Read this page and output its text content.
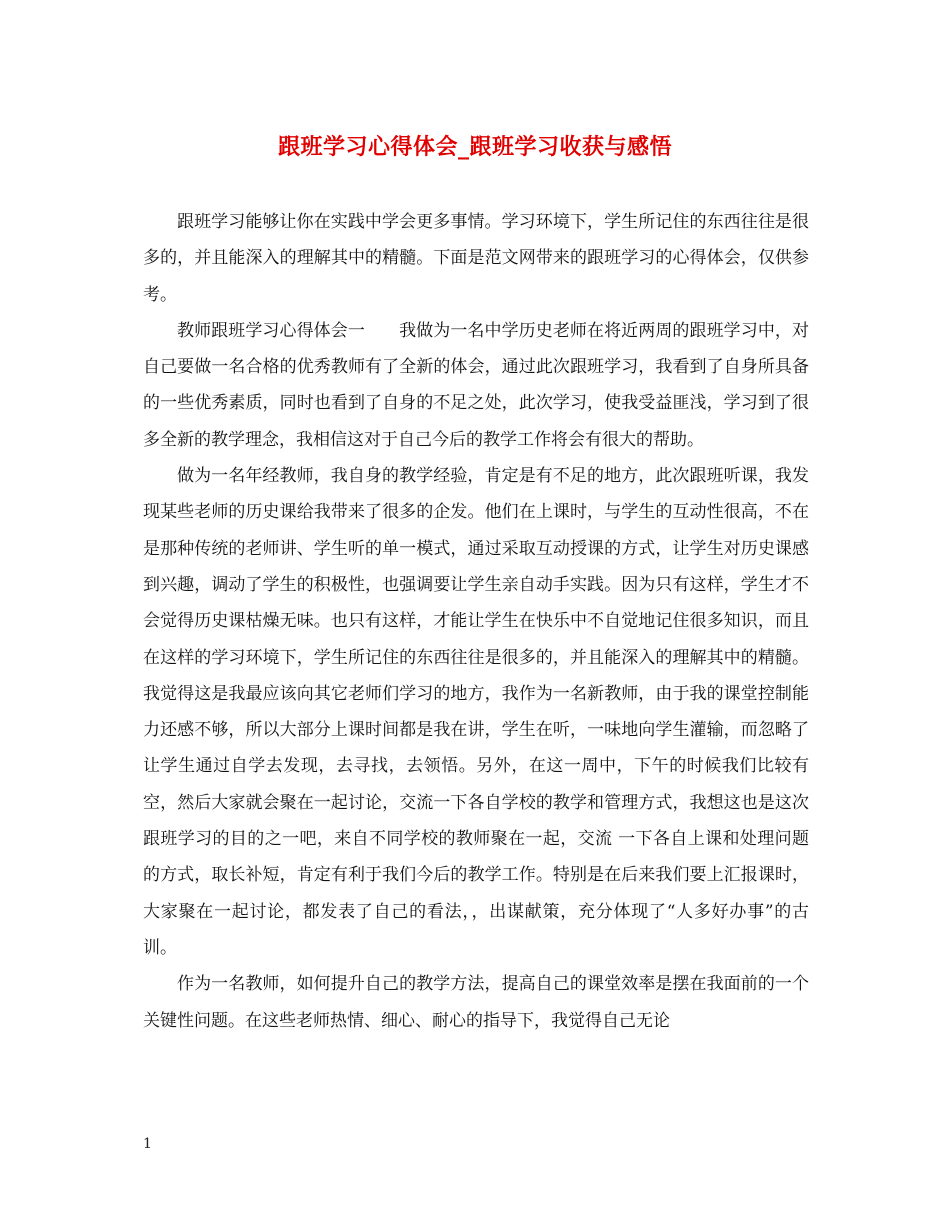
跟班学习心得体会_跟班学习收获与感悟

跟班学习能够让你在实践中学会更多事情。学习环境下，学生所记住的东西往往是很多的，并且能深入的理解其中的精髓。下面是范文网带来的跟班学习的心得体会，仅供参考。

教师跟班学习心得体会一　　我做为一名中学历史老师在将近两周的跟班学习中，对自己要做一名合格的优秀教师有了全新的体会，通过此次跟班学习，我看到了自身所具备的一些优秀素质，同时也看到了自身的不足之处，此次学习，使我受益匪浅，学习到了很多全新的教学理念，我相信这对于自己今后的教学工作将会有很大的帮助。

做为一名年经教师，我自身的教学经验，肯定是有不足的地方，此次跟班听课，我发现某些老师的历史课给我带来了很多的企发。他们在上课时，与学生的互动性很高，不在是那种传统的老师讲、学生听的单一模式，通过采取互动授课的方式，让学生对历史课感到兴趣，调动了学生的积极性，也强调要让学生亲自动手实践。因为只有这样，学生才不会觉得历史课枯燥无味。也只有这样，才能让学生在快乐中不自觉地记住很多知识，而且在这样的学习环境下，学生所记住的东西往往是很多的，并且能深入的理解其中的精髓。我觉得这是我最应该向其它老师们学习的地方，我作为一名新教师，由于我的课堂控制能力还感不够，所以大部分上课时间都是我在讲，学生在听，一味地向学生灌输，而忽略了让学生通过自学去发现，去寻找，去领悟。另外，在这一周中，下午的时候我们比较有空，然后大家就会聚在一起讨论，交流一下各自学校的教学和管理方式，我想这也是这次跟班学习的目的之一吧，来自不同学校的教师聚在一起，交流 一下各自上课和处理问题的方式，取长补短，肯定有利于我们今后的教学工作。特别是在后来我们要上汇报课时，大家聚在一起讨论，都发表了自己的看法，，出谋献策，充分体现了“人多好办事”的古训。

作为一名教师，如何提升自己的教学方法，提高自己的课堂效率是摆在我面前的一个关键性问题。在这些老师热情、细心、耐心的指导下，我觉得自己无论

1
